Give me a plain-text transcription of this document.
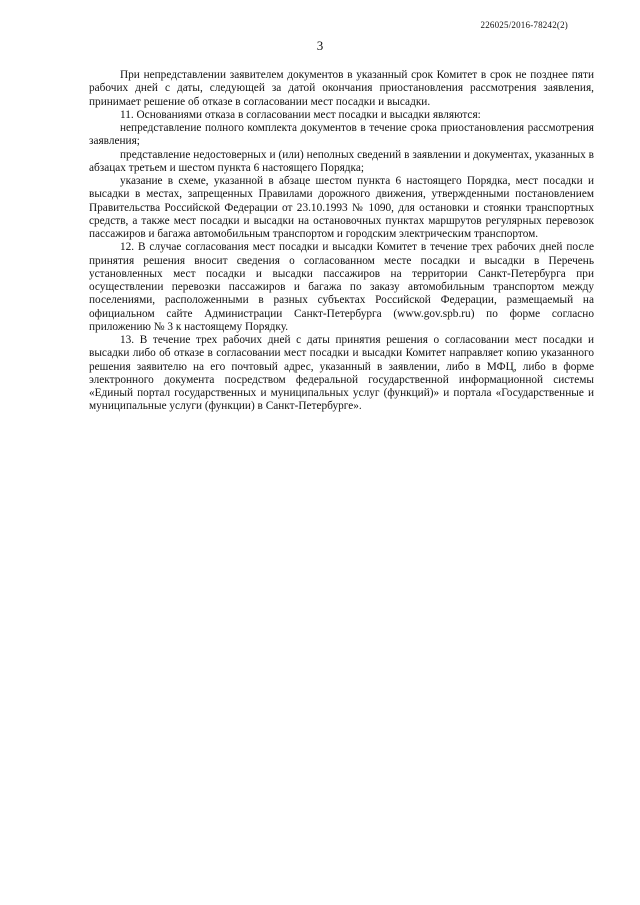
226025/2016-78242(2)
3

При непредставлении заявителем документов в указанный срок Комитет в срок не позднее пяти рабочих дней с даты, следующей за датой окончания приостановления рассмотрения заявления, принимает решение об отказе в согласовании мест посадки и высадки.

11. Основаниями отказа в согласовании мест посадки и высадки являются:

непредставление полного комплекта документов в течение срока приостановления рассмотрения заявления;

представление недостоверных и (или) неполных сведений в заявлении и документах, указанных в абзацах третьем и шестом пункта 6 настоящего Порядка;

указание в схеме, указанной в абзаце шестом пункта 6 настоящего Порядка, мест посадки и высадки в местах, запрещенных Правилами дорожного движения, утвержденными постановлением Правительства Российской Федерации от 23.10.1993 № 1090, для остановки и стоянки транспортных средств, а также мест посадки и высадки на остановочных пунктах маршрутов регулярных перевозок пассажиров и багажа автомобильным транспортом и городским электрическим транспортом.

12. В случае согласования мест посадки и высадки Комитет в течение трех рабочих дней после принятия решения вносит сведения о согласованном месте посадки и высадки в Перечень установленных мест посадки и высадки пассажиров на территории Санкт-Петербурга при осуществлении перевозки пассажиров и багажа по заказу автомобильным транспортом между поселениями, расположенными в разных субъектах Российской Федерации, размещаемый на официальном сайте Администрации Санкт-Петербурга (www.gov.spb.ru) по форме согласно приложению № 3 к настоящему Порядку.

13. В течение трех рабочих дней с даты принятия решения о согласовании мест посадки и высадки либо об отказе в согласовании мест посадки и высадки Комитет направляет копию указанного решения заявителю на его почтовый адрес, указанный в заявлении, либо в МФЦ, либо в форме электронного документа посредством федеральной государственной информационной системы «Единый портал государственных и муниципальных услуг (функций)» и портала «Государственные и муниципальные услуги (функции) в Санкт-Петербурге».
